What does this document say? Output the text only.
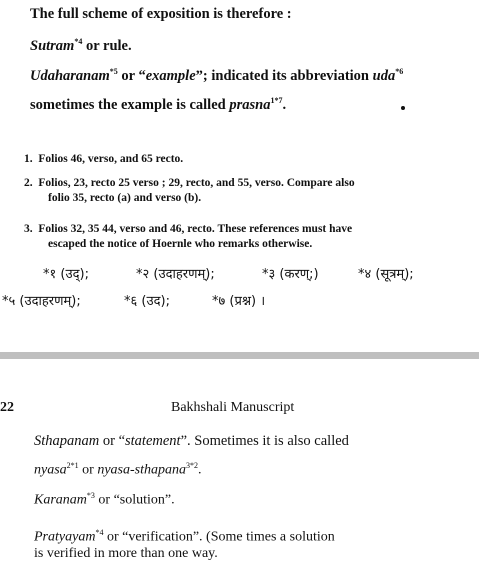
The full scheme of exposition is therefore :
Sutram$^{*4}$ or rule.
Udaharanam$^{*5}$ or “example”; indicated its abbreviation uda$^{*6}$
sometimes the example is called prasna$^{1*7}$.
1. Folios 46, verso, and 65 recto.
2. Folios, 23, recto 25 verso ; 29, recto, and 55, verso. Compare also
folio 35, recto (a) and verso (b).
3. Folios 32, 35 44, verso and 46, recto. These references must have
escaped the notice of Hoernle who remarks otherwise.
*१ (उद्);	*२ (उदाहरणम्);	*३ (करण्;)	*४ (सूत्रम्);
*५ (उदाहरणम्);	*६ (उद);	*७ (प्रश्न) ।
22	Bakhshali Manuscript
Sthapanam or “statement”. Sometimes it is also called
nyasa$^{2*1}$ or nyasa-sthapana$^{3*2}$.
Karanam$^{*3}$ or “solution”.
Pratyayam$^{*4}$ or “verification”. (Some times a solution
is verified in more than one way.
